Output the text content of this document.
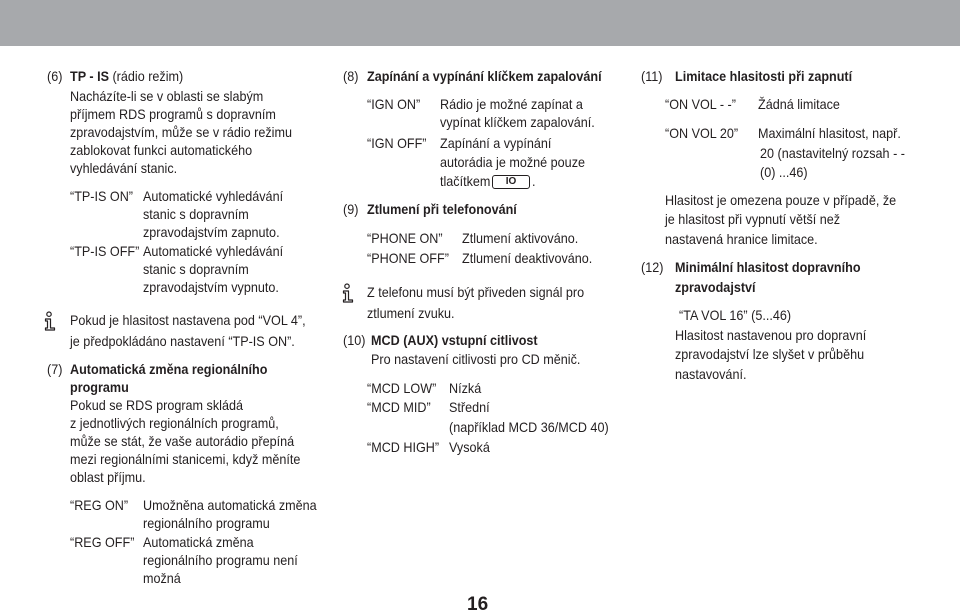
(6) TP - IS (rádio režim)
Nacházíte-li se v oblasti se slabým
příjmem RDS programů s dopravním
zpravodajstvím, může se v rádio režimu
zablokovat funkci automatického
vyhledávání stanic.
“TP-IS ON” Automatické vyhledávání
stanic s dopravním
zpravodajstvím zapnuto.
“TP-IS OFF” Automatické vyhledávání
stanic s dopravním
zpravodajstvím vypnuto.
Pokud je hlasitost nastavena pod “VOL 4”,
je předpokládáno nastavení “TP-IS ON”.
(7) Automatická změna regionálního
programu
Pokud se RDS program skládá
z jednotlivých regionálních programů,
může se stát, že vaše autorádio přepíná
mezi regionálními stanicemi, když měníte
oblast příjmu.
“REG ON” Umožněna automatická změna
regionálního programu
“REG OFF” Automatická změna
regionálního programu není
možná
(8) Zapínání a vypínání klíčkem zapalování
“IGN ON” Rádio je možné zapínat a
vypínat klíčkem zapalování.
“IGN OFF” Zapínání a vypínání
autorádia je možné pouze
tlačítkem	IO	.
(9) Ztlumení při telefonování
“PHONE ON” Ztlumení aktivováno.
“PHONE OFF” Ztlumení deaktivováno.
Z telefonu musí být přiveden signál pro
ztlumení zvuku.
(10) MCD (AUX) vstupní citlivost
Pro nastavení citlivosti pro CD měnič.
“MCD LOW” Nízká
“MCD MID” Střední
(například MCD 36/MCD 40)
“MCD HIGH” Vysoká
(11) Limitace hlasitosti při zapnutí
“ON VOL - -” Žádná limitace
“ON VOL 20” Maximální hlasitost, např.
20 (nastavitelný rozsah - -
(0) ...46)
Hlasitost je omezena pouze v případě, že
je hlasitost při vypnutí větší než
nastavená hranice limitace.
(12) Minimální hlasitost dopravního
zpravodajství
“TA VOL 16” (5...46)
Hlasitost nastavenou pro dopravní
zpravodajství lze slyšet v průběhu
nastavování.
16
